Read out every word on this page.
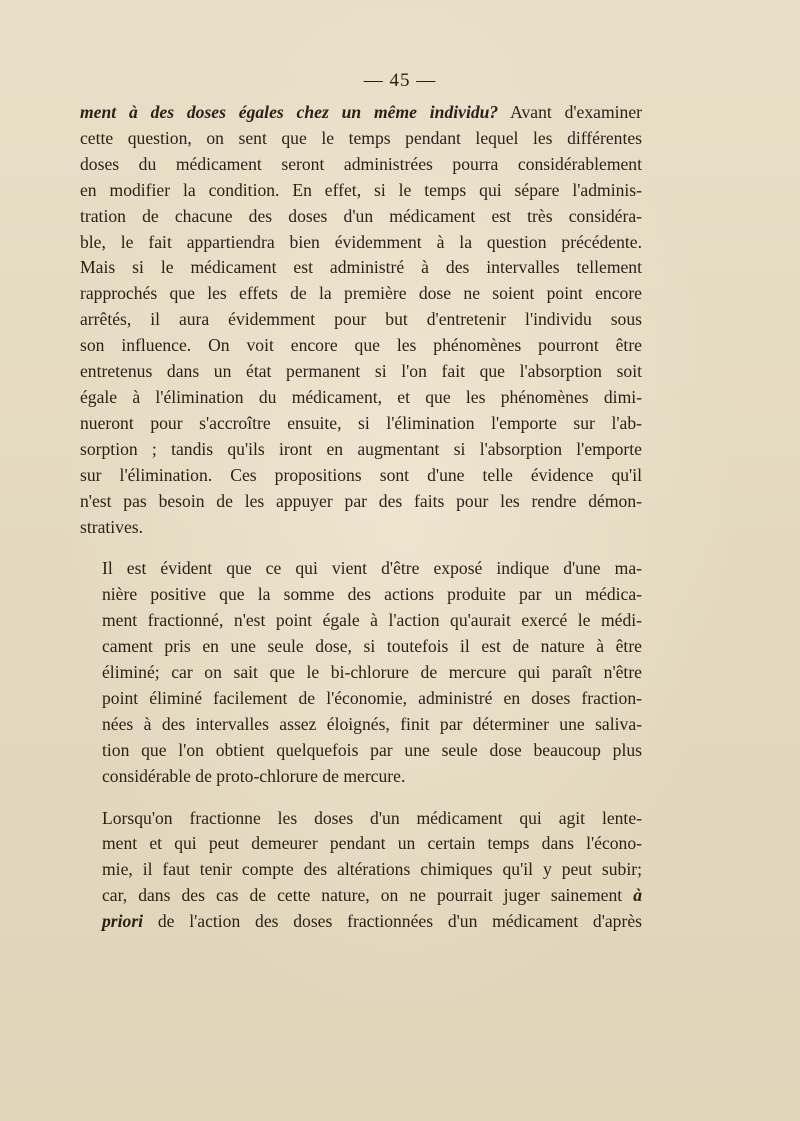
— 45 —

ment à des doses égales chez un même individu? Avant d'examiner
cette question, on sent que le temps pendant lequel les différentes
doses du médicament seront administrées pourra considérablement
en modifier la condition. En effet, si le temps qui sépare l'adminis-
tration de chacune des doses d'un médicament est très considéra-
ble, le fait appartiendra bien évidemment à la question précédente.
Mais si le médicament est administré à des intervalles tellement
rapprochés que les effets de la première dose ne soient point encore
arrêtés, il aura évidemment pour but d'entretenir l'individu sous
son influence. On voit encore que les phénomènes pourront être
entretenus dans un état permanent si l'on fait que l'absorption soit
égale à l'élimination du médicament, et que les phénomènes dimi-
nueront pour s'accroître ensuite, si l'élimination l'emporte sur l'ab-
sorption ; tandis qu'ils iront en augmentant si l'absorption l'emporte
sur l'élimination. Ces propositions sont d'une telle évidence qu'il
n'est pas besoin de les appuyer par des faits pour les rendre démon-
stratives.

Il est évident que ce qui vient d'être exposé indique d'une ma-
nière positive que la somme des actions produite par un médica-
ment fractionné, n'est point égale à l'action qu'aurait exercé le médi-
cament pris en une seule dose, si toutefois il est de nature à être
éliminé; car on sait que le bi-chlorure de mercure qui paraît n'être
point éliminé facilement de l'économie, administré en doses fraction-
nées à des intervalles assez éloignés, finit par déterminer une saliva-
tion que l'on obtient quelquefois par une seule dose beaucoup plus
considérable de proto-chlorure de mercure.

Lorsqu'on fractionne les doses d'un médicament qui agit lente-
ment et qui peut demeurer pendant un certain temps dans l'écono-
mie, il faut tenir compte des altérations chimiques qu'il y peut subir;
car, dans des cas de cette nature, on ne pourrait juger sainement à
priori de l'action des doses fractionnées d'un médicament d'après
